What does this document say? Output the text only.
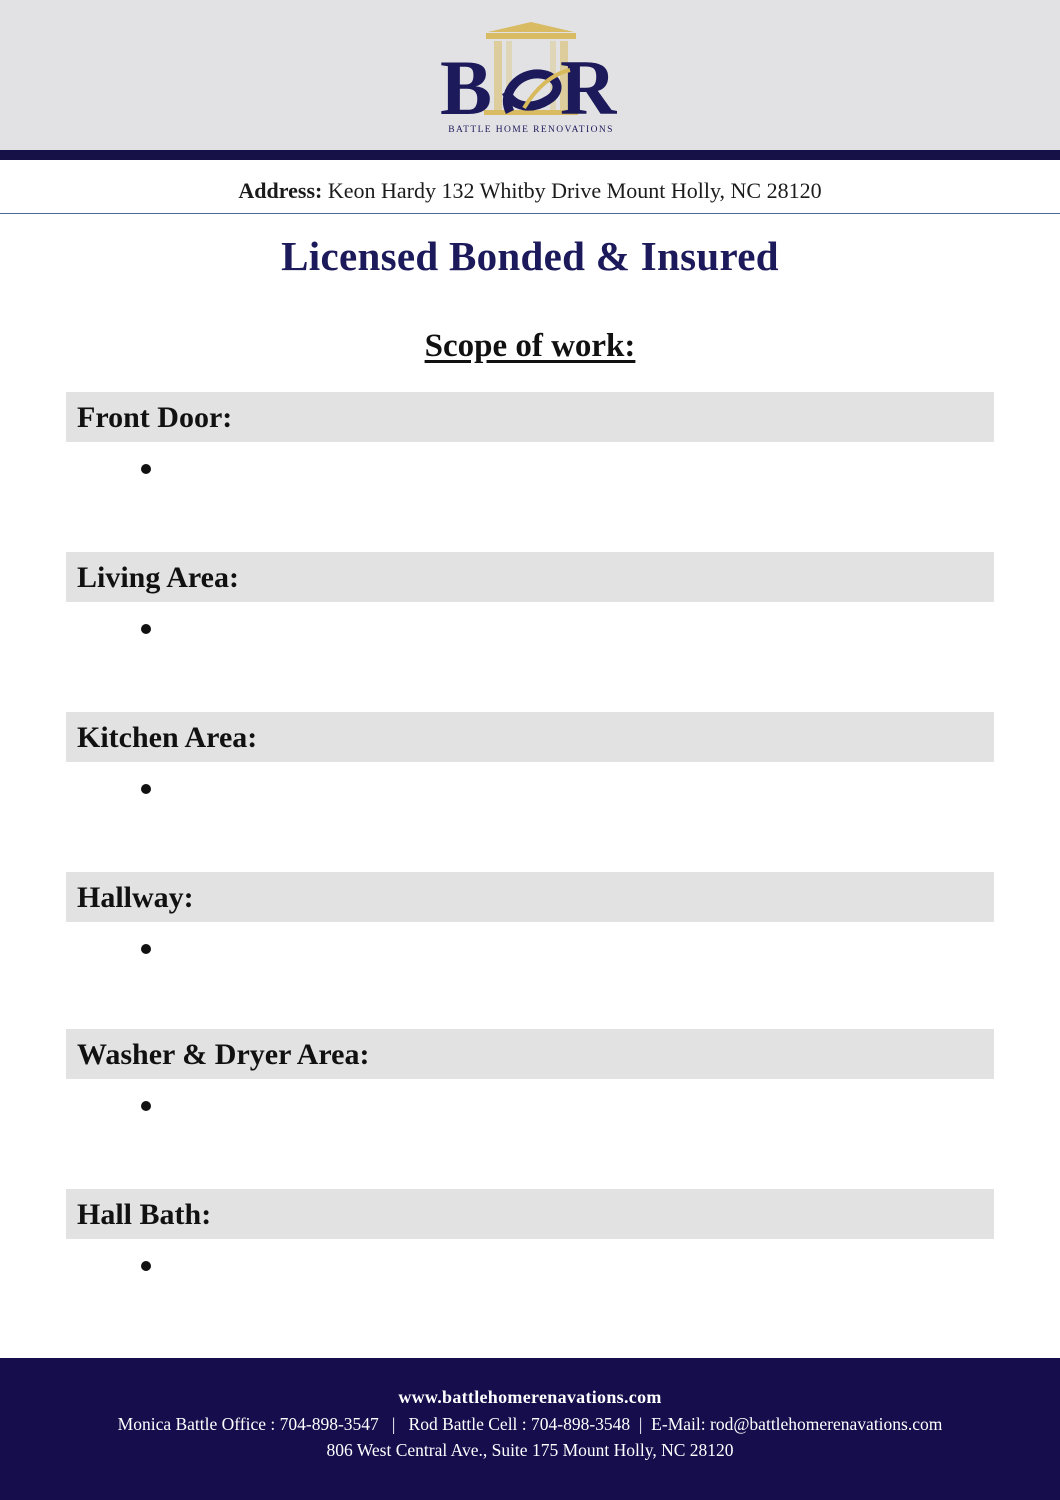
B R
BATTLE HOME RENOVATIONS
Address: Keon Hardy 132 Whitby Drive Mount Holly, NC 28120
Licensed Bonded & Insured
Scope of work:
Front Door:
Living Area:
Kitchen Area:
Hallway:
Washer & Dryer Area:
Hall Bath:
www.battlehomerenavations.com
Monica Battle Office : 704-898-3547   |   Rod Battle Cell : 704-898-3548  |  E-Mail: rod@battlehomerenavations.com
806 West Central Ave., Suite 175 Mount Holly, NC 28120
